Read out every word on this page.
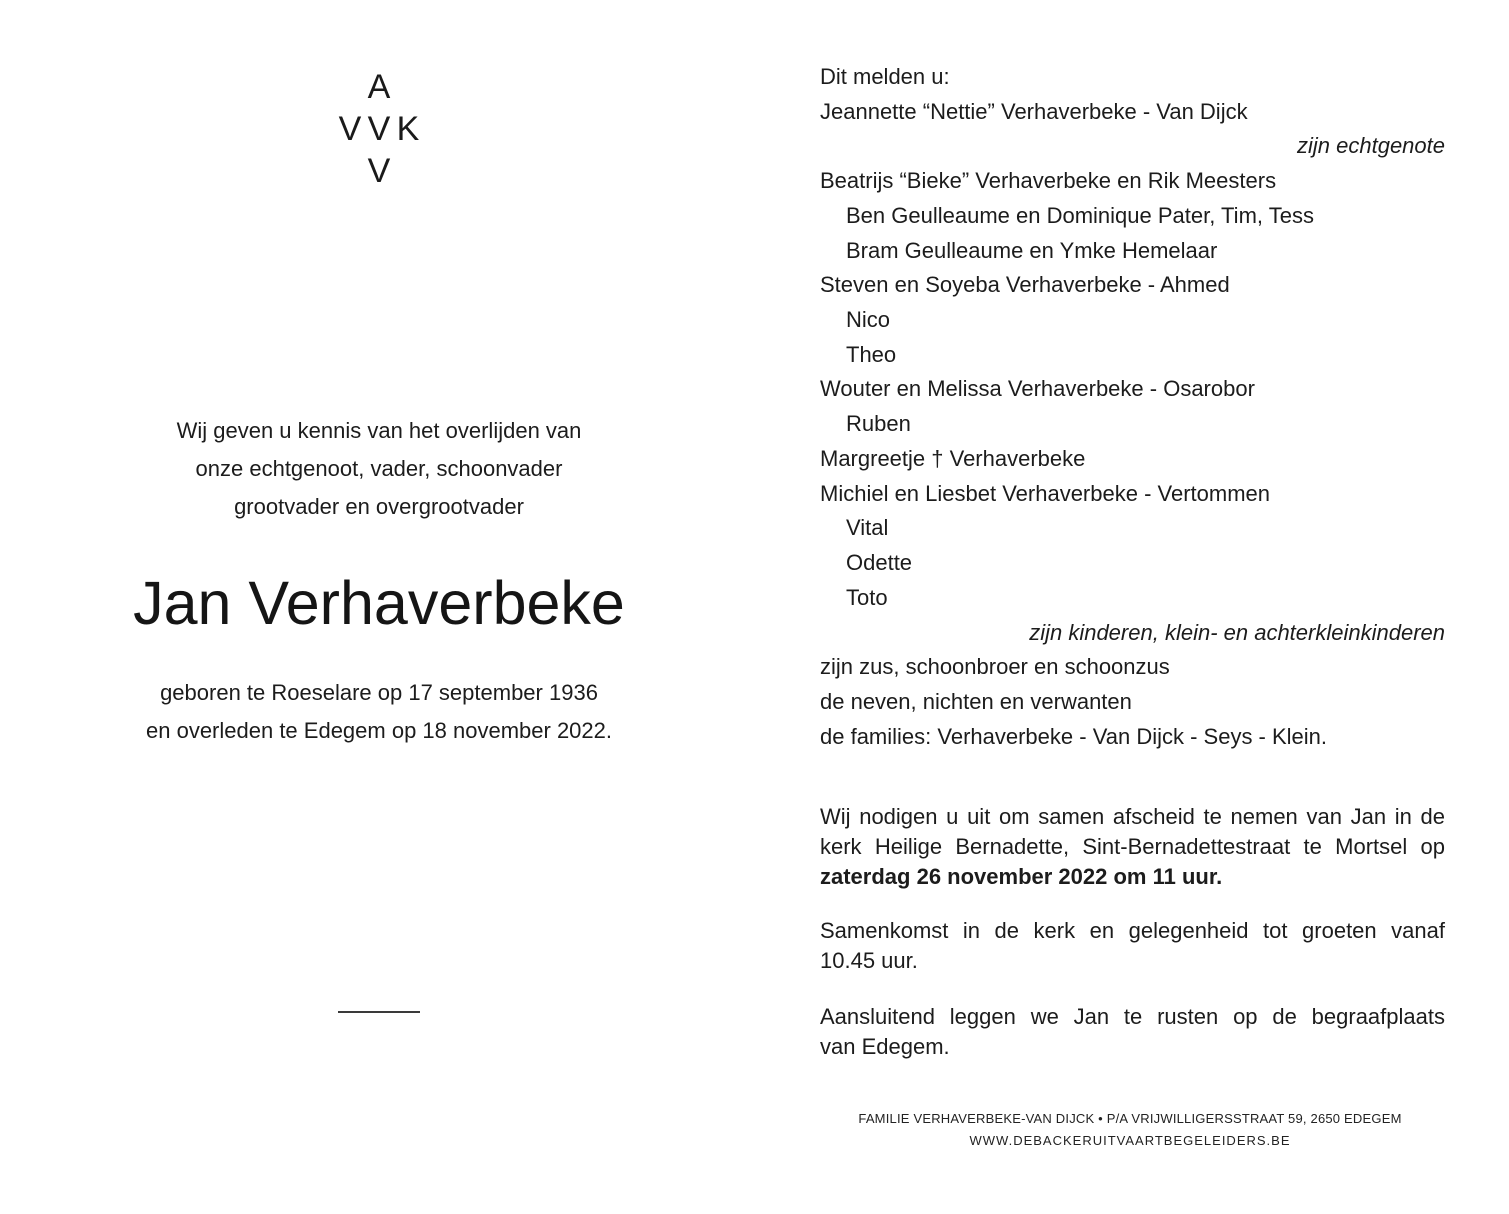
A
V V K
V
Wij geven u kennis van het overlijden van
onze echtgenoot, vader, schoonvader
grootvader en overgrootvader
Jan Verhaverbeke
geboren te Roeselare op 17 september 1936
en overleden te Edegem op 18 november 2022.
Dit melden u:
Jeannette “Nettie” Verhaverbeke - Van Dijck
zijn echtgenote
Beatrijs “Bieke” Verhaverbeke en Rik Meesters
Ben Geulleaume en Dominique Pater, Tim, Tess
Bram Geulleaume en Ymke Hemelaar
Steven en Soyeba Verhaverbeke - Ahmed
Nico
Theo
Wouter en Melissa Verhaverbeke - Osarobor
Ruben
Margreetje † Verhaverbeke
Michiel en Liesbet Verhaverbeke - Vertommen
Vital
Odette
Toto
zijn kinderen, klein- en achterkleinkinderen
zijn zus, schoonbroer en schoonzus
de neven, nichten en verwanten
de families: Verhaverbeke - Van Dijck - Seys - Klein.
Wij nodigen u uit om samen afscheid te nemen van Jan in de
kerk Heilige Bernadette, Sint-Bernadettestraat te Mortsel op
zaterdag 26 november 2022 om 11 uur.
Samenkomst in de kerk en gelegenheid tot groeten vanaf
10.45 uur.
Aansluitend leggen we Jan te rusten op de begraafplaats
van Edegem.
FAMILIE VERHAVERBEKE-VAN DIJCK • P/A VRIJWILLIGERSSTRAAT 59, 2650 EDEGEM
WWW.DEBACKERUITVAARTBEGELEIDERS.BE
